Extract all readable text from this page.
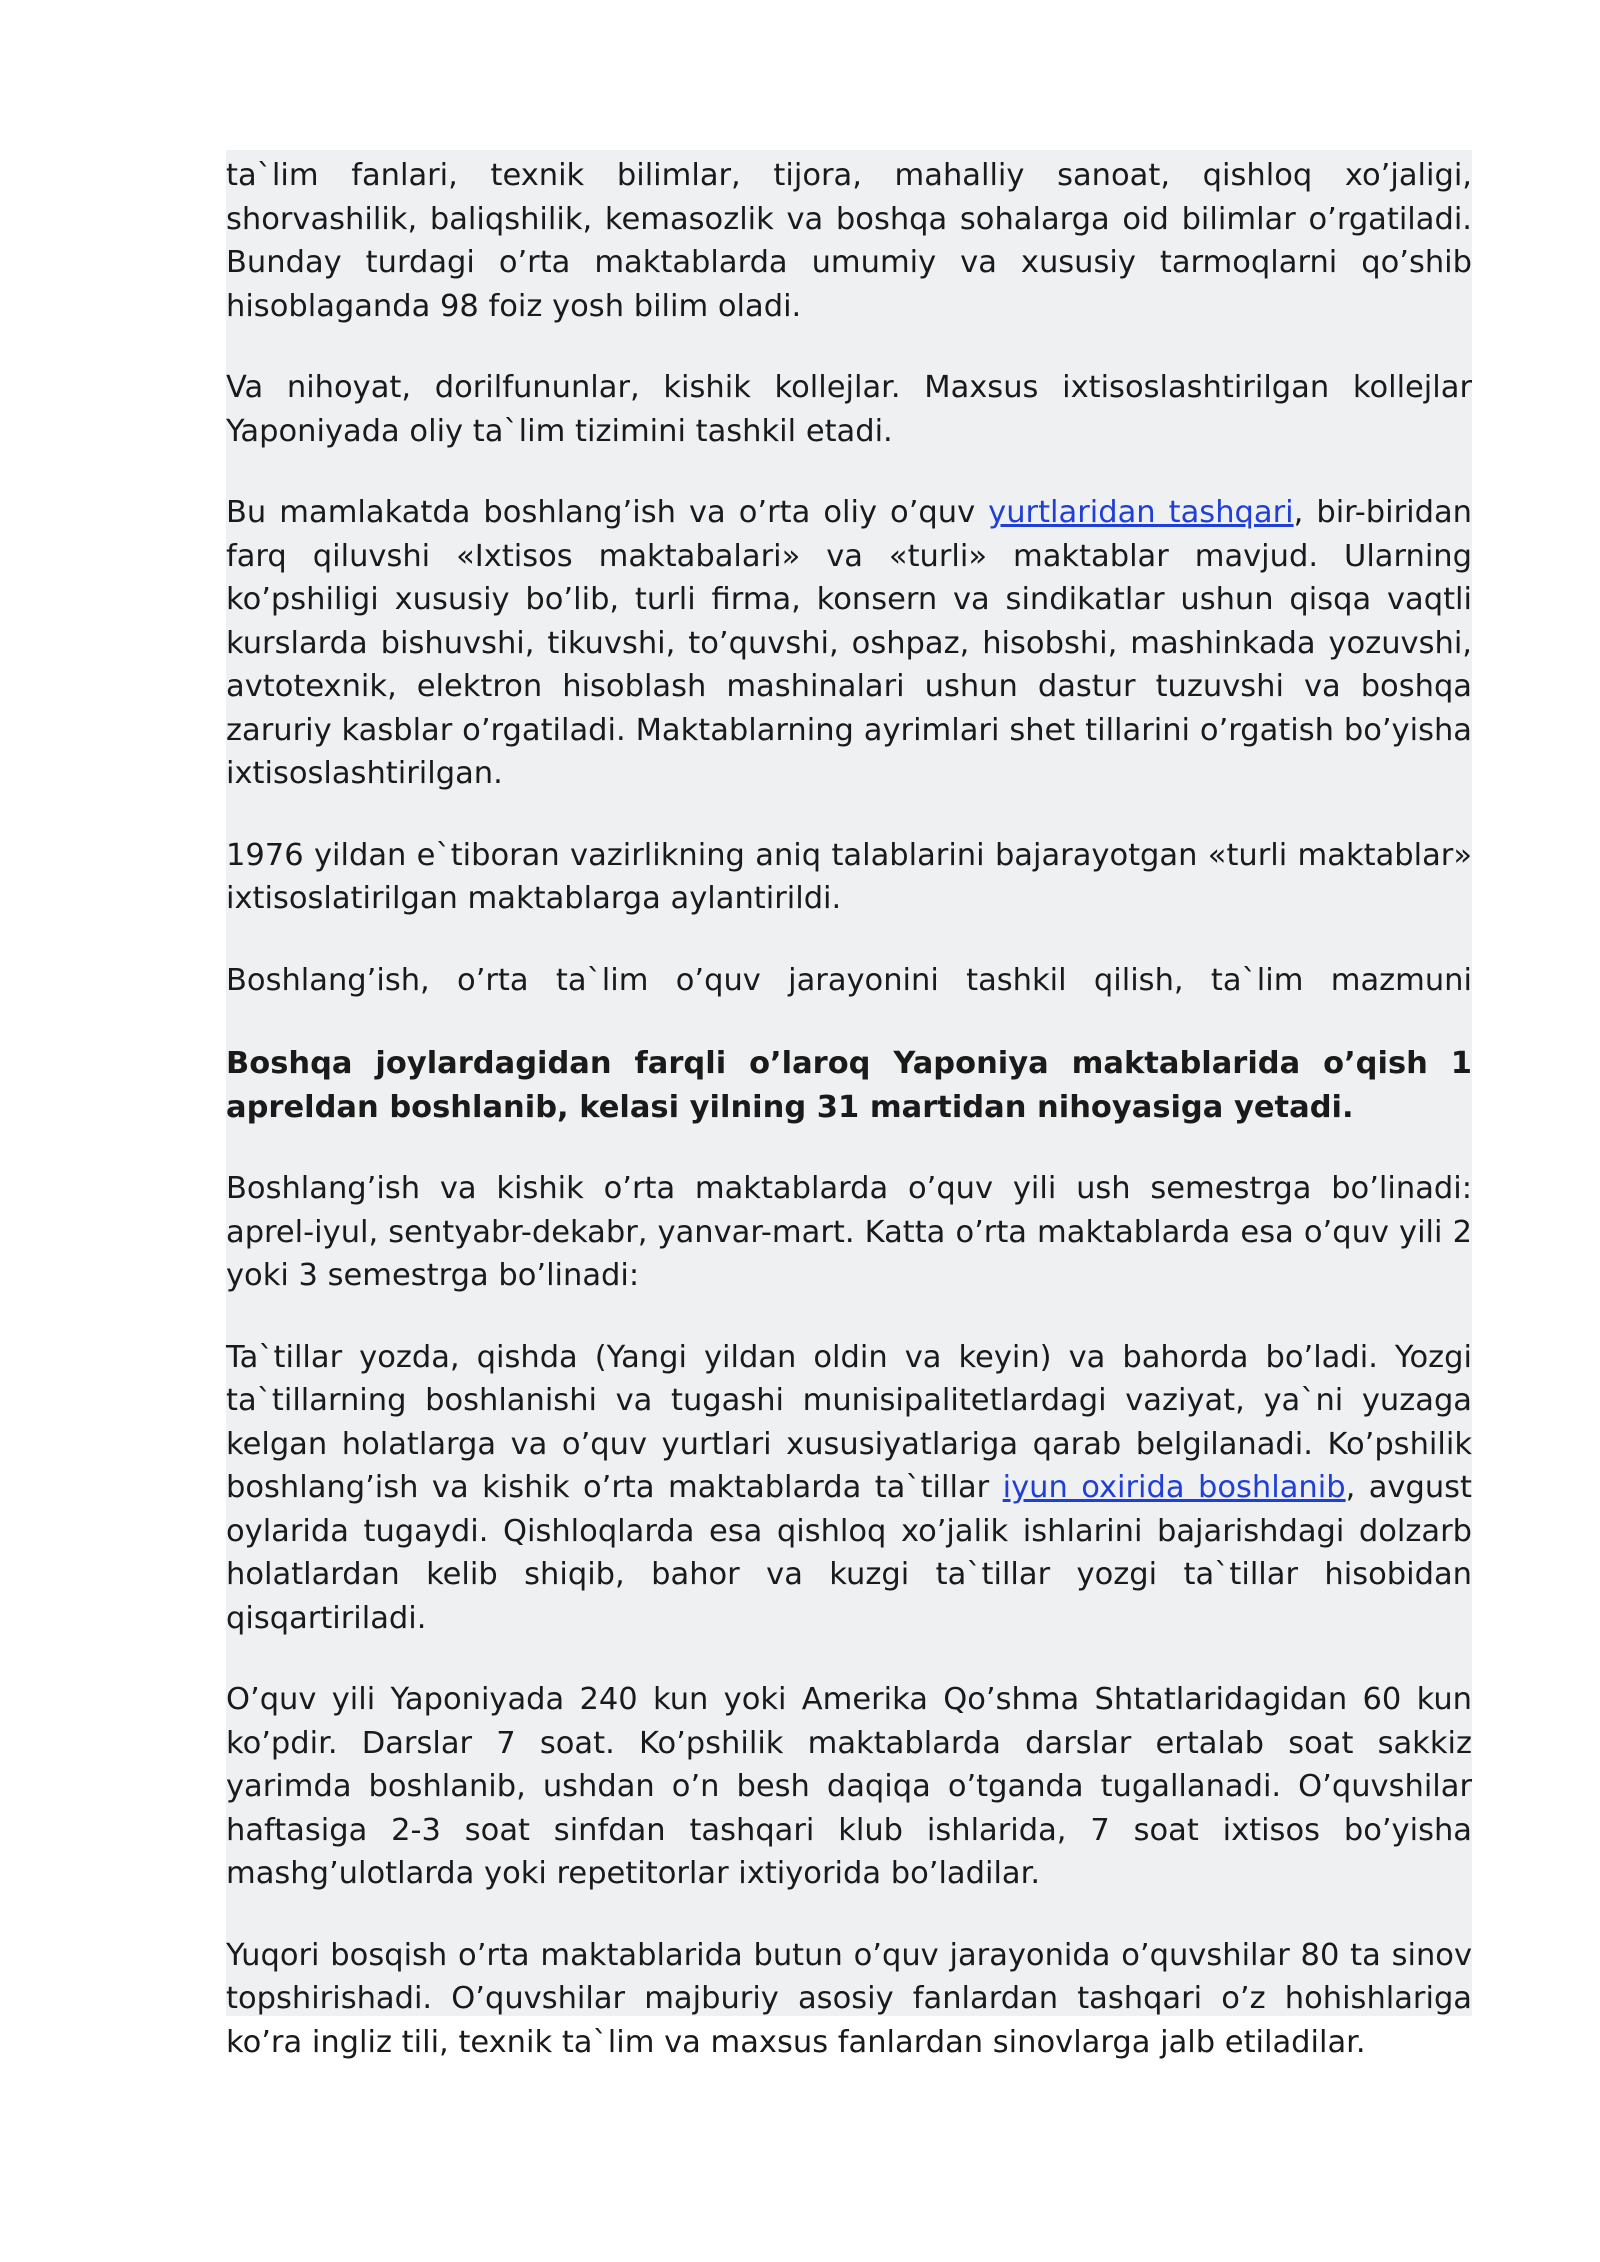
ta`lim fanlari, texnik bilimlar, tijora, mahalliy sanoat, qishloq xo’jaligi, shorvashilik, baliqshilik, kemasozlik va boshqa sohalarga oid bilimlar o’rgatiladi. Bunday turdagi o’rta maktablarda umumiy va xususiy tarmoqlarni qo’shib hisoblaganda 98 foiz yosh bilim oladi.

Va nihoyat, dorilfununlar, kishik kollejlar. Maxsus ixtisoslashtirilgan kollejlar Yaponiyada oliy ta`lim tizimini tashkil etadi.

Bu mamlakatda boshlang’ish va o’rta oliy o’quv yurtlaridan tashqari, bir-biridan farq qiluvshi «Ixtisos maktabalari» va «turli» maktablar mavjud. Ularning ko’pshiligi xususiy bo’lib, turli firma, konsern va sindikatlar ushun qisqa vaqtli kurslarda bishuvshi, tikuvshi, to’quvshi, oshpaz, hisobshi, mashinkada yozuvshi, avtotexnik, elektron hisoblash mashinalari ushun dastur tuzuvshi va boshqa zaruriy kasblar o’rgatiladi. Maktablarning ayrimlari shet tillarini o’rgatish bo’yisha ixtisoslashtirilgan.

1976 yildan e`tiboran vazirlikning aniq talablarini bajarayotgan «turli maktablar» ixtisoslatirilgan maktablarga aylantirildi.

Boshlang’ish, o’rta ta`lim o’quv jarayonini tashkil qilish, ta`lim mazmuni

Boshqa joylardagidan farqli o’laroq Yaponiya maktablarida o’qish 1 apreldan boshlanib, kelasi yilning 31 martidan nihoyasiga yetadi.

Boshlang’ish va kishik o’rta maktablarda o’quv yili ush semestrga bo’linadi: aprel-iyul, sentyabr-dekabr, yanvar-mart. Katta o’rta maktablarda esa o’quv yili 2 yoki 3 semestrga bo’linadi:

Ta`tillar yozda, qishda (Yangi yildan oldin va keyin) va bahorda bo’ladi. Yozgi ta`tillarning boshlanishi va tugashi munisipalitetlardagi vaziyat, ya`ni yuzaga kelgan holatlarga va o’quv yurtlari xususiyatlariga qarab belgilanadi. Ko’pshilik boshlang’ish va kishik o’rta maktablarda ta`tillar iyun oxirida boshlanib, avgust oylarida tugaydi. Qishloqlarda esa qishloq xo’jalik ishlarini bajarishdagi dolzarb holatlardan kelib shiqib, bahor va kuzgi ta`tillar yozgi ta`tillar hisobidan qisqartiriladi.

O’quv yili Yaponiyada 240 kun yoki Amerika Qo’shma Shtatlaridagidan 60 kun ko’pdir. Darslar 7 soat. Ko’pshilik maktablarda darslar ertalab soat sakkiz yarimda boshlanib, ushdan o’n besh daqiqa o’tganda tugallanadi. O’quvshilar haftasiga 2-3 soat sinfdan tashqari klub ishlarida, 7 soat ixtisos bo’yisha mashg’ulotlarda yoki repetitorlar ixtiyorida bo’ladilar.

Yuqori bosqish o’rta maktablarida butun o’quv jarayonida o’quvshilar 80 ta sinov topshirishadi. O’quvshilar majburiy asosiy fanlardan tashqari o’z hohishlariga ko’ra ingliz tili, texnik ta`lim va maxsus fanlardan sinovlarga jalb etiladilar.
